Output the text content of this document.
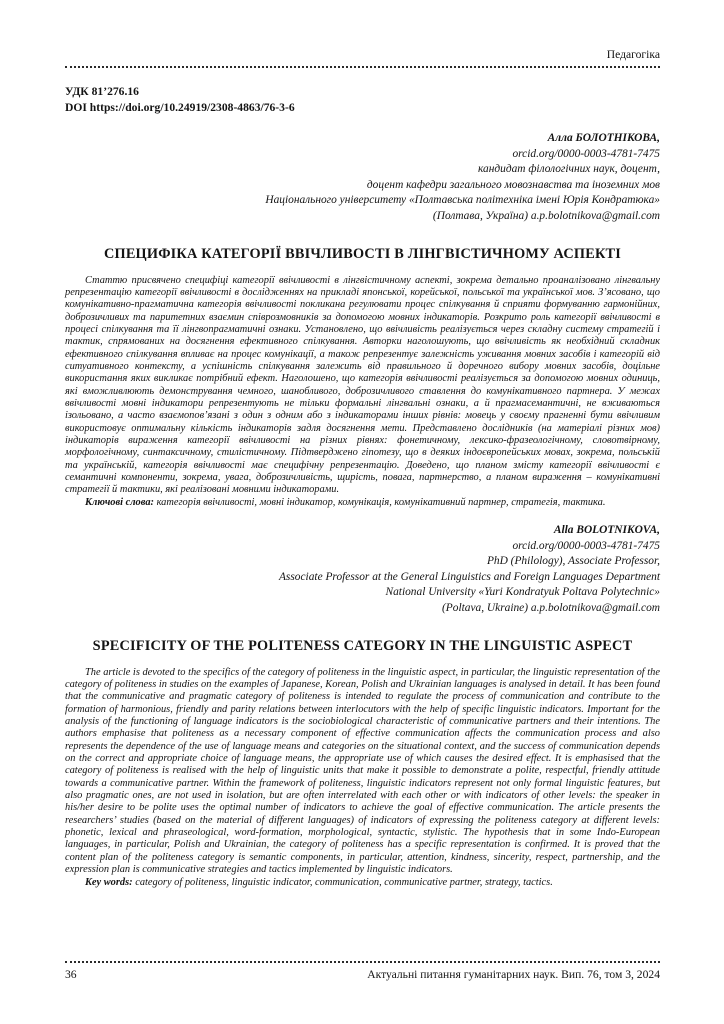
Педагогіка
УДК 81’276.16
DOI https://doi.org/10.24919/2308-4863/76-3-6
Алла БОЛОТНІКОВА,
orcid.org/0000-0003-4781-7475
кандидат філологічних наук, доцент,
доцент кафедри загального мовознавства та іноземних мов
Національного університету «Полтавська політехніка імені Юрія Кондратюка»
(Полтава, Україна) a.p.bolotnikova@gmail.com
СПЕЦИФІКА КАТЕГОРІЇ ВВІЧЛИВОСТІ В ЛІНГВІСТИЧНОМУ АСПЕКТІ

Статтю присвячено специфіці категорії ввічливості в лінгвістичному аспекті, зокрема детально проаналізовано лінгвальну репрезентацію категорії ввічливості в дослідженнях на прикладі японської, корейської, польської та української мов. З’ясовано, що комунікативно-прагматична категорія ввічливості покликана регулювати процес спілкування й сприяти формуванню гармонійних, доброзичливих та паритетних взаємин співрозмовників за допомогою мовних індикаторів. Розкрито роль категорії ввічливості в процесі спілкування та її лінгвопрагматичні ознаки. Установлено, що ввічливість реалізується через складну систему стратегій і тактик, спрямованих на досягнення ефективного спілкування. Авторки наголошують, що ввічливість як необхідний складник ефективного спілкування впливає на процес комунікації, а також репрезентує залежність уживання мовних засобів і категорій від ситуативного контексту, а успішність спілкування залежить від правильного й доречного вибору мовних засобів, доцільне використання яких викликає потрібний ефект. Наголошено, що категорія ввічливості реалізується за допомогою мовних одиниць, які вможливлюють демонстрування чемного, шанобливого, доброзичливого ставлення до комунікативного партнера. У межах ввічливості мовні індикатори репрезентують не тільки формальні лінгвальні ознаки, а й прагмасемантичні, не вживаються ізольовано, а часто взаємопов’язані з один з одним або з індикаторами інших рівнів: мовець у своєму прагненні бути ввічливим використовує оптимальну кількість індикаторів задля досягнення мети. Представлено дослідників (на матеріалі різних мов) індикаторів вираження категорії ввічливості на різних рівнях: фонетичному, лексико-фразеологічному, словотвірному, морфологічному, синтаксичному, стилістичному. Підтверджено гіпотезу, що в деяких індоєвропейських мовах, зокрема, польській та українській, категорія ввічливості має специфічну репрезентацію. Доведено, що планом змісту категорії ввічливості є семантичні компоненти, зокрема, увага, доброзичливість, щирість, повага, партнерство, а планом вираження – комунікативні стратегії й тактики, які реалізовані мовними індикаторами.

Ключові слова: категорія ввічливості, мовні індикатор, комунікація, комунікативний партнер, стратегія, тактика.

Alla BOLOTNIKOVA,
orcid.org/0000-0003-4781-7475
PhD (Philology), Associate Professor,
Associate Professor at the General Linguistics and Foreign Languages Department
National University «Yuri Kondratyuk Poltava Polytechnic»
(Poltava, Ukraine) a.p.bolotnikova@gmail.com
SPECIFICITY OF THE POLITENESS CATEGORY IN THE LINGUISTIC ASPECT

The article is devoted to the specifics of the category of politeness in the linguistic aspect, in particular, the linguistic representation of the category of politeness in studies on the examples of Japanese, Korean, Polish and Ukrainian languages is analysed in detail. It has been found that the communicative and pragmatic category of politeness is intended to regulate the process of communication and contribute to the formation of harmonious, friendly and parity relations between interlocutors with the help of specific linguistic indicators. Important for the analysis of the functioning of language indicators is the sociobiological characteristic of communicative partners and their intentions. The authors emphasise that politeness as a necessary component of effective communication affects the communication process and also represents the dependence of the use of language means and categories on the situational context, and the success of communication depends on the correct and appropriate choice of language means, the appropriate use of which causes the desired effect. It is emphasised that the category of politeness is realised with the help of linguistic units that make it possible to demonstrate a polite, respectful, friendly attitude towards a communicative partner. Within the framework of politeness, linguistic indicators represent not only formal linguistic features, but also pragmatic ones, are not used in isolation, but are often interrelated with each other or with indicators of other levels: the speaker in his/her desire to be polite uses the optimal number of indicators to achieve the goal of effective communication. The article presents the researchers’ studies (based on the material of different languages) of indicators of expressing the politeness category at different levels: phonetic, lexical and phraseological, word-formation, morphological, syntactic, stylistic. The hypothesis that in some Indo-European languages, in particular, Polish and Ukrainian, the category of politeness has a specific representation is confirmed. It is proved that the content plan of the politeness category is semantic components, in particular, attention, kindness, sincerity, respect, partnership, and the expression plan is communicative strategies and tactics implemented by linguistic indicators.

Key words: category of politeness, linguistic indicator, communication, communicative partner, strategy, tactics.

36	Актуальні питання гуманітарних наук. Вип. 76, том 3, 2024
